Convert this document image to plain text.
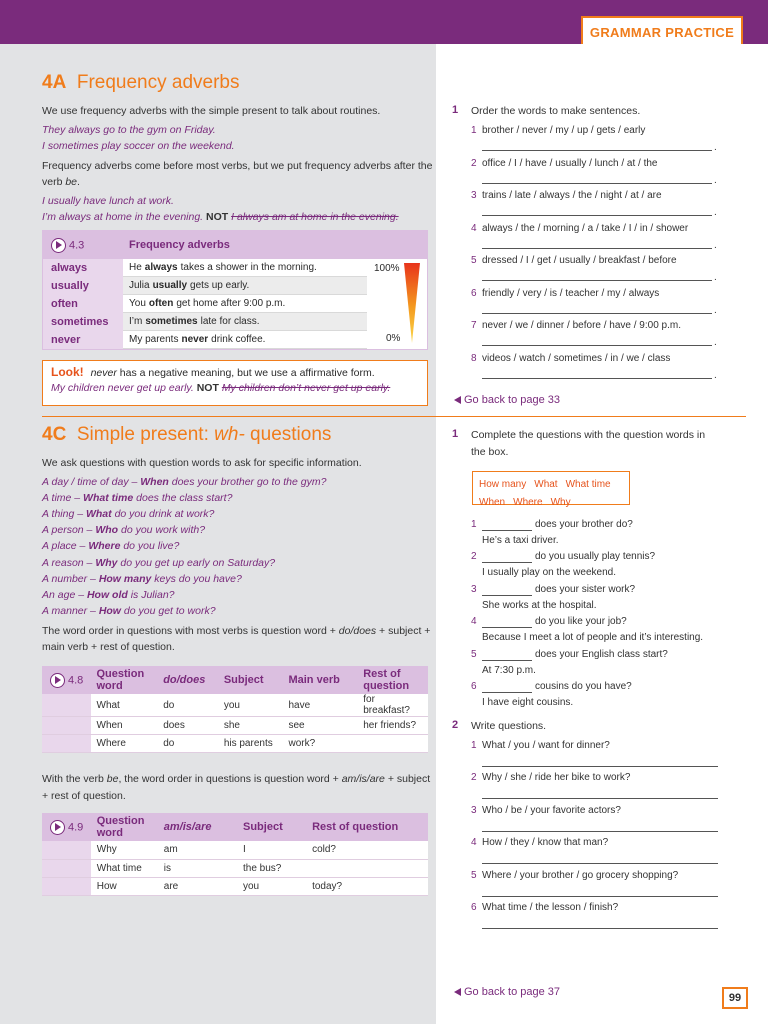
GRAMMAR PRACTICE
4A Frequency adverbs
We use frequency adverbs with the simple present to talk about routines.
They always go to the gym on Friday.
I sometimes play soccer on the weekend.
Frequency adverbs come before most verbs, but we put frequency adverbs after the
verb be.
I usually have lunch at work.
I’m always at home in the evening. NOT I always am at home in the evening.
4.3	Frequency adverbs
always	He always takes a shower in the morning.
usually	Julia usually gets up early.
often	You often get home after 9:00 p.m.
sometimes	I’m sometimes late for class.
never	My parents never drink coffee.
100%
0%
Look! never has a negative meaning, but we use a affirmative form.
My children never get up early. NOT My children don’t never get up early.
1 Order the words to make sentences.
1 brother / never / my / up / gets / early
.
2 office / I / have / usually / lunch / at / the
.
3 trains / late / always / the / night / at / are
.
4 always / the / morning / a / take / I / in / shower
.
5 dressed / I / get / usually / breakfast / before
.
6 friendly / very / is / teacher / my / always
.
7 never / we / dinner / before / have / 9:00 p.m.
.
8 videos / watch / sometimes / in / we / class
.
Go back to page 33
4C Simple present: wh- questions
We ask questions with question words to ask for specific information.
A day / time of day – When does your brother go to the gym?
A time – What time does the class start?
A thing – What do you drink at work?
A person – Who do you work with?
A place – Where do you live?
A reason – Why do you get up early on Saturday?
A number – How many keys do you have?
An age – How old is Julian?
A manner – How do you get to work?
The word order in questions with most verbs is question word + do/does + subject +
main verb + rest of question.
4.8	Question word	do/does	Subject	Main verb	Rest of question
	What	do	you	have	for breakfast?
	When	does	she	see	her friends?
	Where	do	his parents	work?	
With the verb be, the word order in questions is question word + am/is/are + subject
+ rest of question.
4.9	Question word	am/is/are	Subject	Rest of question
	Why	am	I	cold?
	What time	is	the bus?	
	How	are	you	today?
1 Complete the questions with the question words in
the box.
How many What What time
When Where Why
1	does your brother do?
He’s a taxi driver.
2	do you usually play tennis?
I usually play on the weekend.
3	does your sister work?
She works at the hospital.
4	do you like your job?
Because I meet a lot of people and it’s interesting.
5	does your English class start?
At 7:30 p.m.
6	cousins do you have?
I have eight cousins.
2 Write questions.
1 What / you / want for dinner?
2 Why / she / ride her bike to work?
3 Who / be / your favorite actors?
4 How / they / know that man?
5 Where / your brother / go grocery shopping?
6 What time / the lesson / finish?
Go back to page 37	99
